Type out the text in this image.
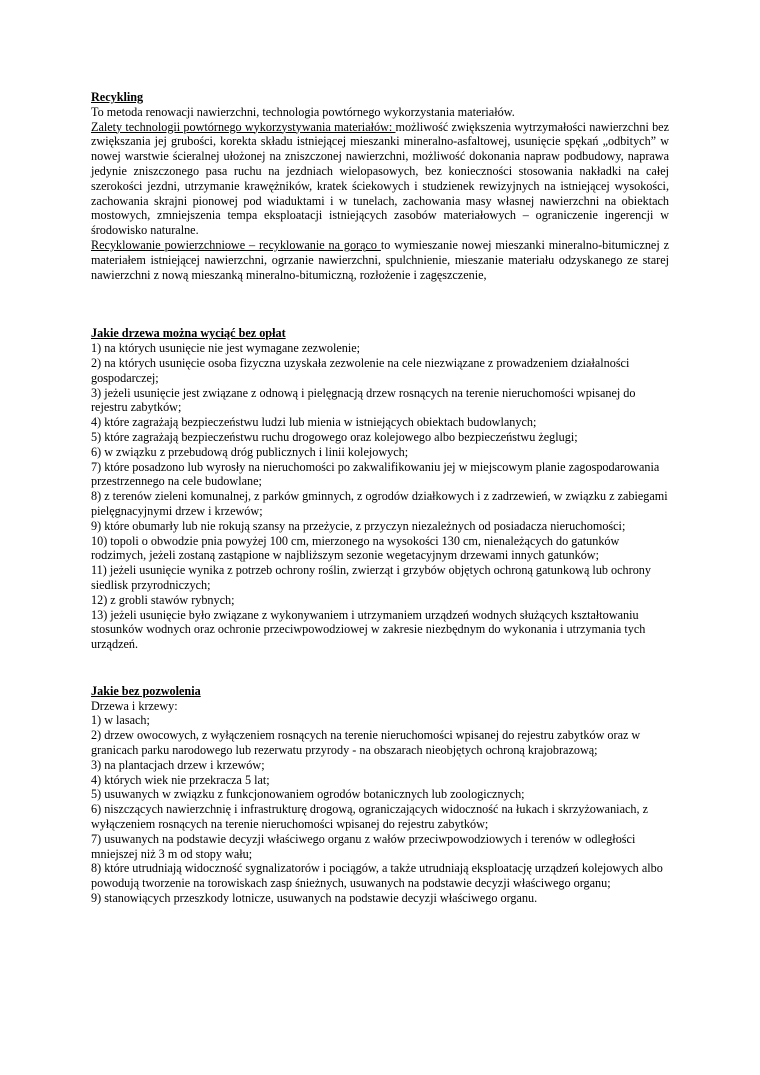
Recykling

To metoda renowacji nawierzchni, technologia powtórnego wykorzystania materiałów.

Zalety technologii powtórnego wykorzystywania materiałów: możliwość zwiększenia wytrzymałości nawierzchni bez zwiększania jej grubości, korekta składu istniejącej mieszanki mineralno-asfaltowej, usunięcie spękań „odbitych” w nowej warstwie ścieralnej ułożonej na zniszczonej nawierzchni, możliwość dokonania napraw podbudowy, naprawa jedynie zniszczonego pasa ruchu na jezdniach wielopasowych, bez konieczności stosowania nakładki na całej szerokości jezdni, utrzymanie krawężników, kratek ściekowych i studzienek rewizyjnych na istniejącej wysokości, zachowania skrajni pionowej pod wiaduktami i w tunelach, zachowania masy własnej nawierzchni na obiektach mostowych, zmniejszenia tempa eksploatacji istniejących zasobów materiałowych – ograniczenie ingerencji w środowisko naturalne.

Recyklowanie powierzchniowe – recyklowanie na gorąco to wymieszanie nowej mieszanki mineralno-bitumicznej z materiałem istniejącej nawierzchni, ogrzanie nawierzchni, spulchnienie, mieszanie materiału odzyskanego ze starej nawierzchni z nową mieszanką mineralno-bitumiczną, rozłożenie i zagęszczenie,

Jakie drzewa można wyciąć bez opłat

1) na których usunięcie nie jest wymagane zezwolenie;

2) na których usunięcie osoba fizyczna uzyskała zezwolenie na cele niezwiązane z prowadzeniem działalności gospodarczej;

3) jeżeli usunięcie jest związane z odnową i pielęgnacją drzew rosnących na terenie nieruchomości wpisanej do rejestru zabytków;

4) które zagrażają bezpieczeństwu ludzi lub mienia w istniejących obiektach budowlanych;

5) które zagrażają bezpieczeństwu ruchu drogowego oraz kolejowego albo bezpieczeństwu żeglugi;

6) w związku z przebudową dróg publicznych i linii kolejowych;

7) które posadzono lub wyrosły na nieruchomości po zakwalifikowaniu jej w miejscowym planie zagospodarowania przestrzennego na cele budowlane;

8) z terenów zieleni komunalnej, z parków gminnych, z ogrodów działkowych i z zadrzewień, w związku z zabiegami pielęgnacyjnymi drzew i krzewów;

9) które obumarły lub nie rokują szansy na przeżycie, z przyczyn niezależnych od posiadacza nieruchomości;

10) topoli o obwodzie pnia powyżej 100 cm, mierzonego na wysokości 130 cm, nienależących do gatunków rodzimych, jeżeli zostaną zastąpione w najbliższym sezonie wegetacyjnym drzewami innych gatunków;

11) jeżeli usunięcie wynika z potrzeb ochrony roślin, zwierząt i grzybów objętych ochroną gatunkową lub ochrony siedlisk przyrodniczych;

12) z grobli stawów rybnych;

13) jeżeli usunięcie było związane z wykonywaniem i utrzymaniem urządzeń wodnych służących kształtowaniu stosunków wodnych oraz ochronie przeciwpowodziowej w zakresie niezbędnym do wykonania i utrzymania tych urządzeń.

Jakie bez pozwolenia

Drzewa i krzewy:

1) w lasach;

2) drzew owocowych, z wyłączeniem rosnących na terenie nieruchomości wpisanej do rejestru zabytków oraz w granicach parku narodowego lub rezerwatu przyrody - na obszarach nieobjętych ochroną krajobrazową;

3) na plantacjach drzew i krzewów;

4) których wiek nie przekracza 5 lat;

5) usuwanych w związku z funkcjonowaniem ogrodów botanicznych lub zoologicznych;

6) niszczących nawierzchnię i infrastrukturę drogową, ograniczających widoczność na łukach i skrzyżowaniach, z wyłączeniem rosnących na terenie nieruchomości wpisanej do rejestru zabytków;

7) usuwanych na podstawie decyzji właściwego organu z wałów przeciwpowodziowych i terenów w odległości mniejszej niż 3 m od stopy wału;

8) które utrudniają widoczność sygnalizatorów i pociągów, a także utrudniają eksploatację urządzeń kolejowych albo powodują tworzenie na torowiskach zasp śnieżnych, usuwanych na podstawie decyzji właściwego organu;

9) stanowiących przeszkody lotnicze, usuwanych na podstawie decyzji właściwego organu.
